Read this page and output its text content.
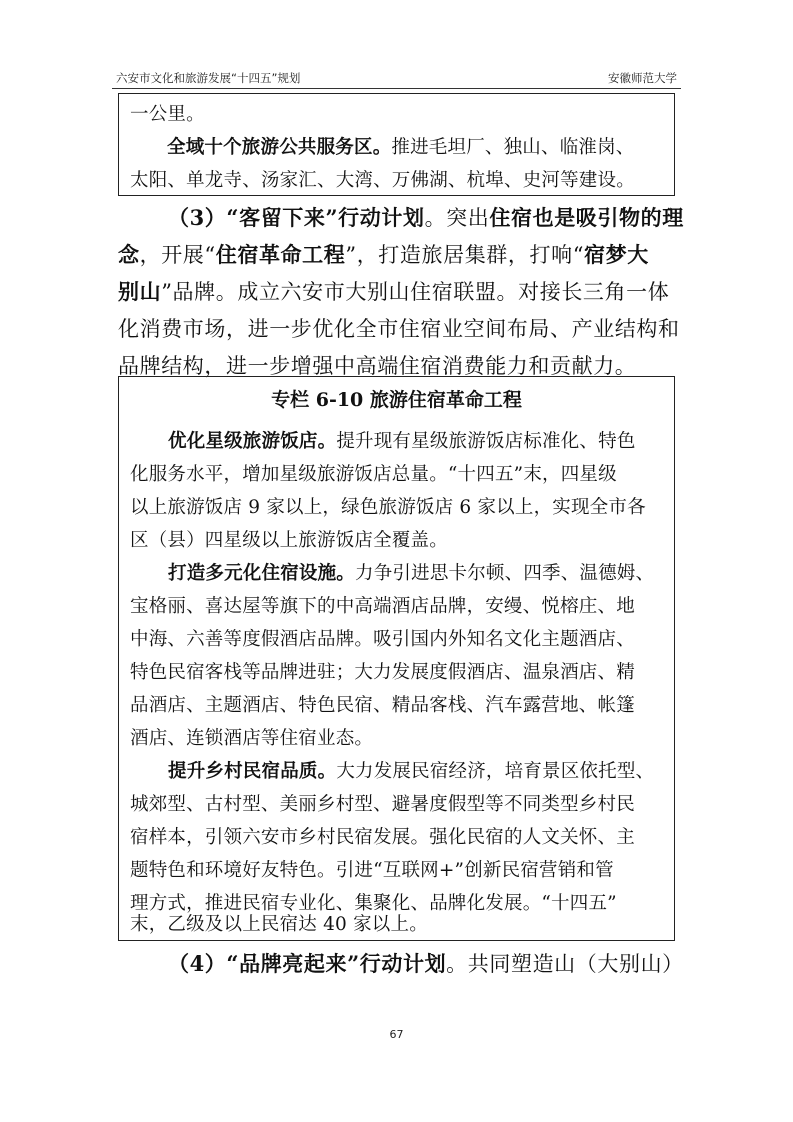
六安市文化和旅游发展“十四五”规划	安徽师范大学
一公里。
全域十个旅游公共服务区。推进毛坦厂、独山、临淮岗、
太阳、单龙寺、汤家汇、大湾、万佛湖、杭埠、史河等建设。
（3）“客留下来”行动计划。突出住宿也是吸引物的理
念，开展“住宿革命工程”，打造旅居集群，打响“宿梦大
别山”品牌。成立六安市大别山住宿联盟。对接长三角一体
化消费市场，进一步优化全市住宿业空间布局、产业结构和
品牌结构，进一步增强中高端住宿消费能力和贡献力。
专栏 6-10 旅游住宿革命工程
优化星级旅游饭店。提升现有星级旅游饭店标准化、特色
化服务水平，增加星级旅游饭店总量。“十四五”末，四星级
以上旅游饭店 9 家以上，绿色旅游饭店 6 家以上，实现全市各
区（县）四星级以上旅游饭店全覆盖。
打造多元化住宿设施。力争引进思卡尔顿、四季、温德姆、
宝格丽、喜达屋等旗下的中高端酒店品牌，安缦、悦榕庄、地
中海、六善等度假酒店品牌。吸引国内外知名文化主题酒店、
特色民宿客栈等品牌进驻；大力发展度假酒店、温泉酒店、精
品酒店、主题酒店、特色民宿、精品客栈、汽车露营地、帐篷
酒店、连锁酒店等住宿业态。
提升乡村民宿品质。大力发展民宿经济，培育景区依托型、
城郊型、古村型、美丽乡村型、避暑度假型等不同类型乡村民
宿样本，引领六安市乡村民宿发展。强化民宿的人文关怀、主
题特色和环境好友特色。引进“互联网+”创新民宿营销和管
理方式，推进民宿专业化、集聚化、品牌化发展。“十四五”
末，乙级及以上民宿达 40 家以上。
（4）“品牌亮起来”行动计划。共同塑造山（大别山）
67
